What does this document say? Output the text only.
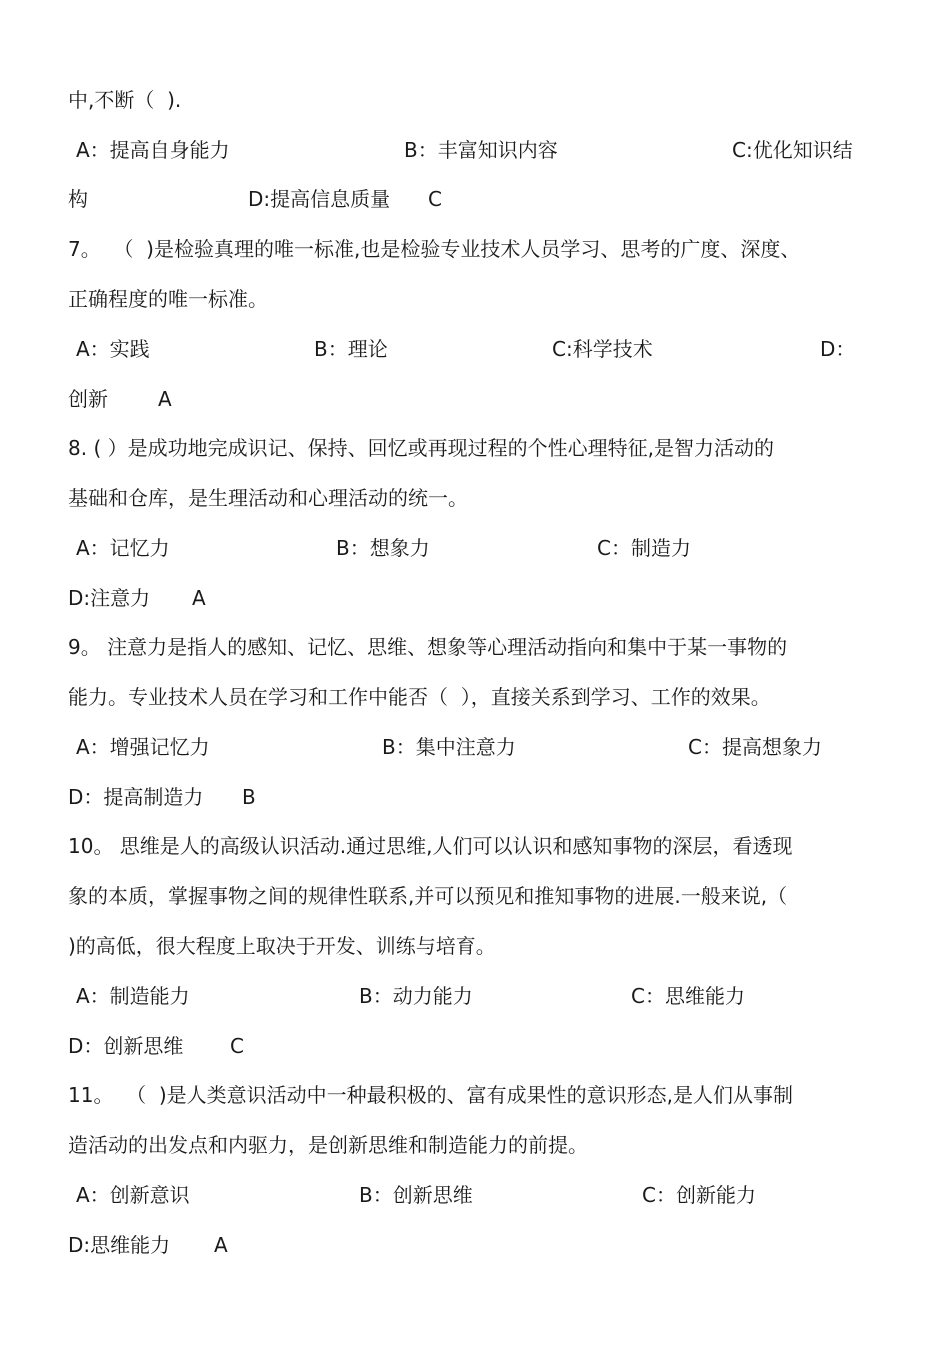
中,不断（  ).

A：提高自身能力

	B：丰富知识内容

	C:优化知识结

构

	D:提高信息质量

C

7。  （  )是检验真理的唯一标准,也是检验专业技术人员学习、思考的广度、深度、

正确程度的唯一标准。

A：实践

	B：理论

	C:科学技术

	D：

创新

	A

8. ( ）是成功地完成识记、保持、回忆或再现过程的个性心理特征,是智力活动的

基础和仓库，是生理活动和心理活动的统一。

A：记忆力

	B：想象力

	C：制造力

D:注意力

A

9。 注意力是指人的感知、记忆、思维、想象等心理活动指向和集中于某一事物的

能力。专业技术人员在学习和工作中能否（  ），直接关系到学习、工作的效果。

A：增强记忆力

	B：集中注意力

	C：提高想象力

D：提高制造力

B

10。 思维是人的高级认识活动.通过思维,人们可以认识和感知事物的深层，看透现

象的本质，掌握事物之间的规律性联系,并可以预见和推知事物的进展.一般来说,（

)的高低，很大程度上取决于开发、训练与培育。

A：制造能力

	B：动力能力

	C：思维能力

D：创新思维

C

11。  （  )是人类意识活动中一种最积极的、富有成果性的意识形态,是人们从事制

造活动的出发点和内驱力，是创新思维和制造能力的前提。

A：创新意识

	B：创新思维

	C：创新能力

D:思维能力

A
